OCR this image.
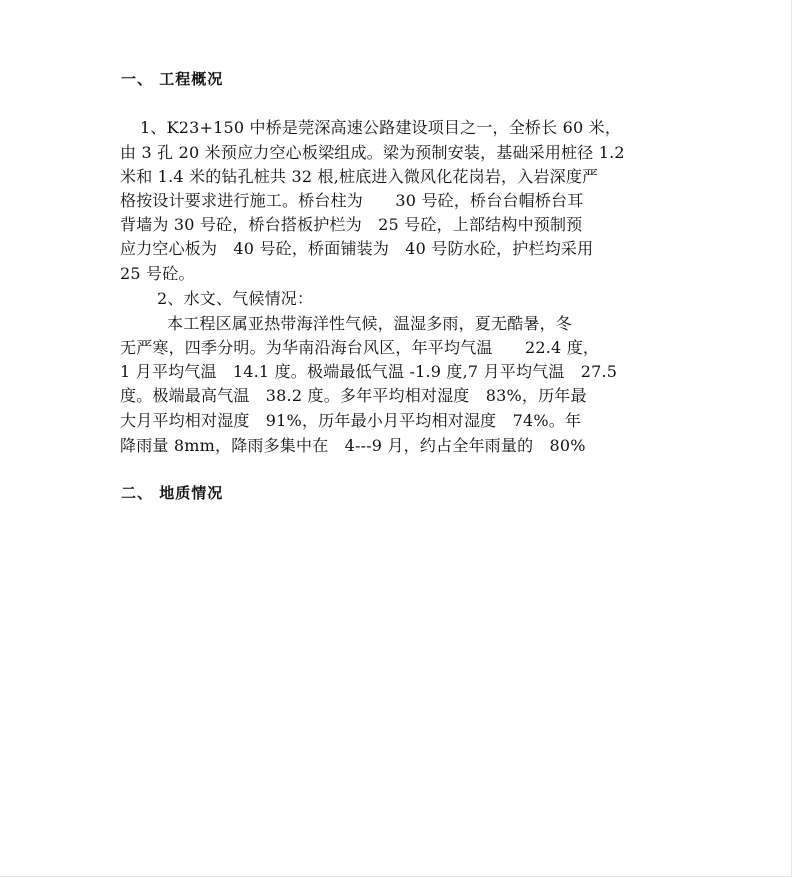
一、 工程概况
1、K23+150 中桥是莞深高速公路建设项目之一，全桥长 60 米，
由 3 孔 20 米预应力空心板梁组成。梁为预制安装，基础采用桩径 1.2
米和 1.4 米的钻孔桩共 32 根,桩底进入微风化花岗岩，入岩深度严
格按设计要求进行施工。桥台柱为　　30 号砼，桥台台帽桥台耳
背墙为 30 号砼，桥台搭板护栏为　25 号砼，上部结构中预制预
应力空心板为　40 号砼，桥面铺装为　40 号防水砼，护栏均采用
25 号砼。
2、水文、气候情况：
本工程区属亚热带海洋性气候，温湿多雨，夏无酷暑，冬
无严寒，四季分明。为华南沿海台风区，年平均气温　　22.4 度，
1 月平均气温　14.1 度。极端最低气温 -1.9 度,7 月平均气温　27.5
度。极端最高气温　38.2 度。多年平均相对湿度　83%，历年最
大月平均相对湿度　91%，历年最小月平均相对湿度　74%。年
降雨量 8mm，降雨多集中在　4---9 月，约占全年雨量的　80%
二、 地质情况
